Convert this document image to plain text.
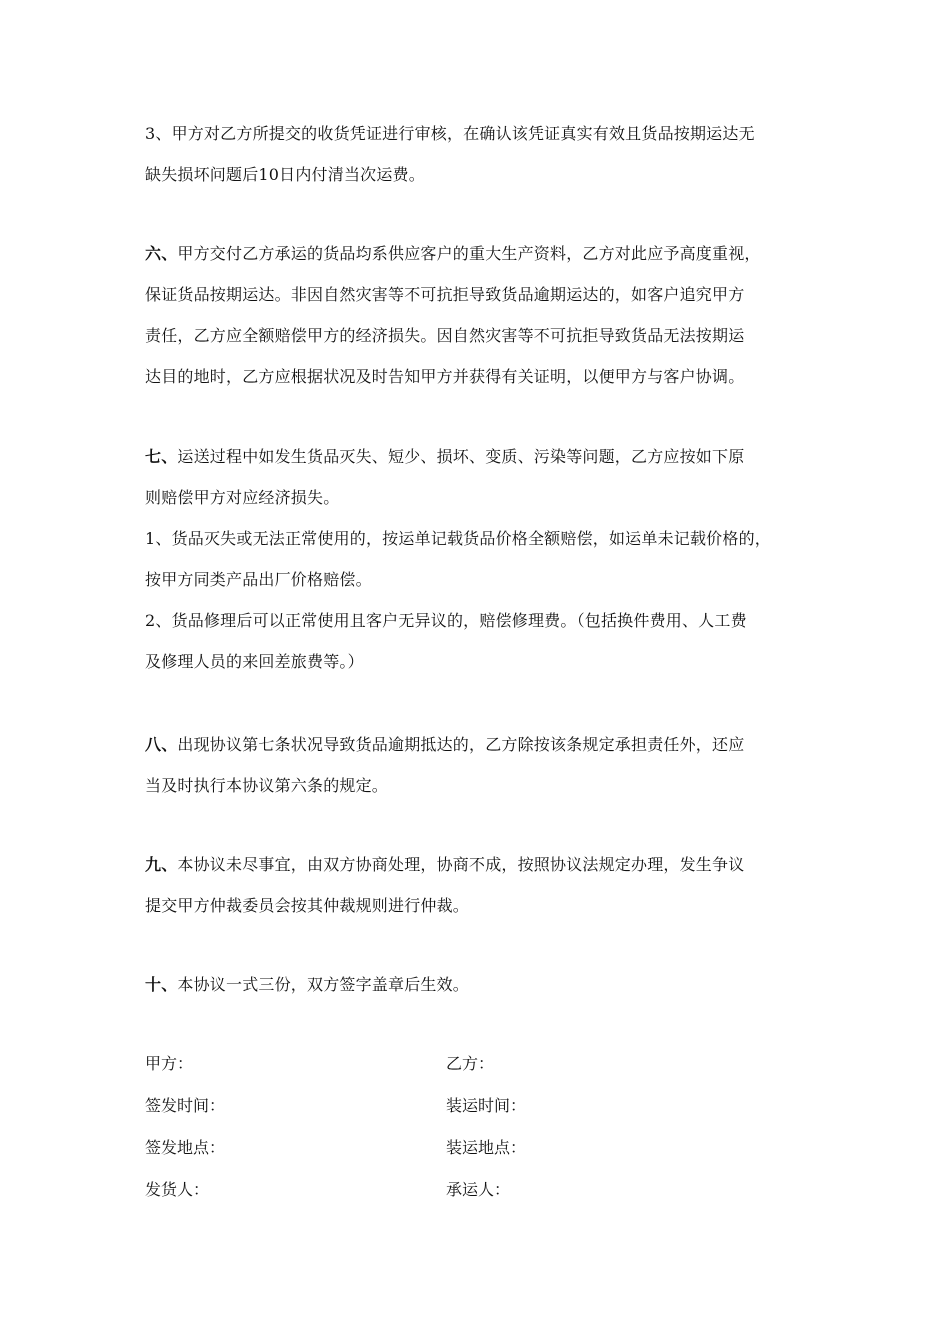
3、甲方对乙方所提交的收货凭证进行审核，在确认该凭证真实有效且货品按期运达无
缺失损坏问题后10日内付清当次运费。
六、甲方交付乙方承运的货品均系供应客户的重大生产资料，乙方对此应予高度重视，
保证货品按期运达。非因自然灾害等不可抗拒导致货品逾期运达的，如客户追究甲方
责任，乙方应全额赔偿甲方的经济损失。因自然灾害等不可抗拒导致货品无法按期运
达目的地时，乙方应根据状况及时告知甲方并获得有关证明，以便甲方与客户协调。
七、运送过程中如发生货品灭失、短少、损坏、变质、污染等问题，乙方应按如下原
则赔偿甲方对应经济损失。
1、货品灭失或无法正常使用的，按运单记载货品价格全额赔偿，如运单未记载价格的，
按甲方同类产品出厂价格赔偿。
2、货品修理后可以正常使用且客户无异议的，赔偿修理费。（包括换件费用、人工费
及修理人员的来回差旅费等。）
八、出现协议第七条状况导致货品逾期抵达的，乙方除按该条规定承担责任外，还应
当及时执行本协议第六条的规定。
九、本协议未尽事宜，由双方协商处理，协商不成，按照协议法规定办理，发生争议
提交甲方仲裁委员会按其仲裁规则进行仲裁。
十、本协议一式三份，双方签字盖章后生效。
甲方：	乙方：
签发时间：	装运时间：
签发地点：	装运地点：
发货人：	承运人：
